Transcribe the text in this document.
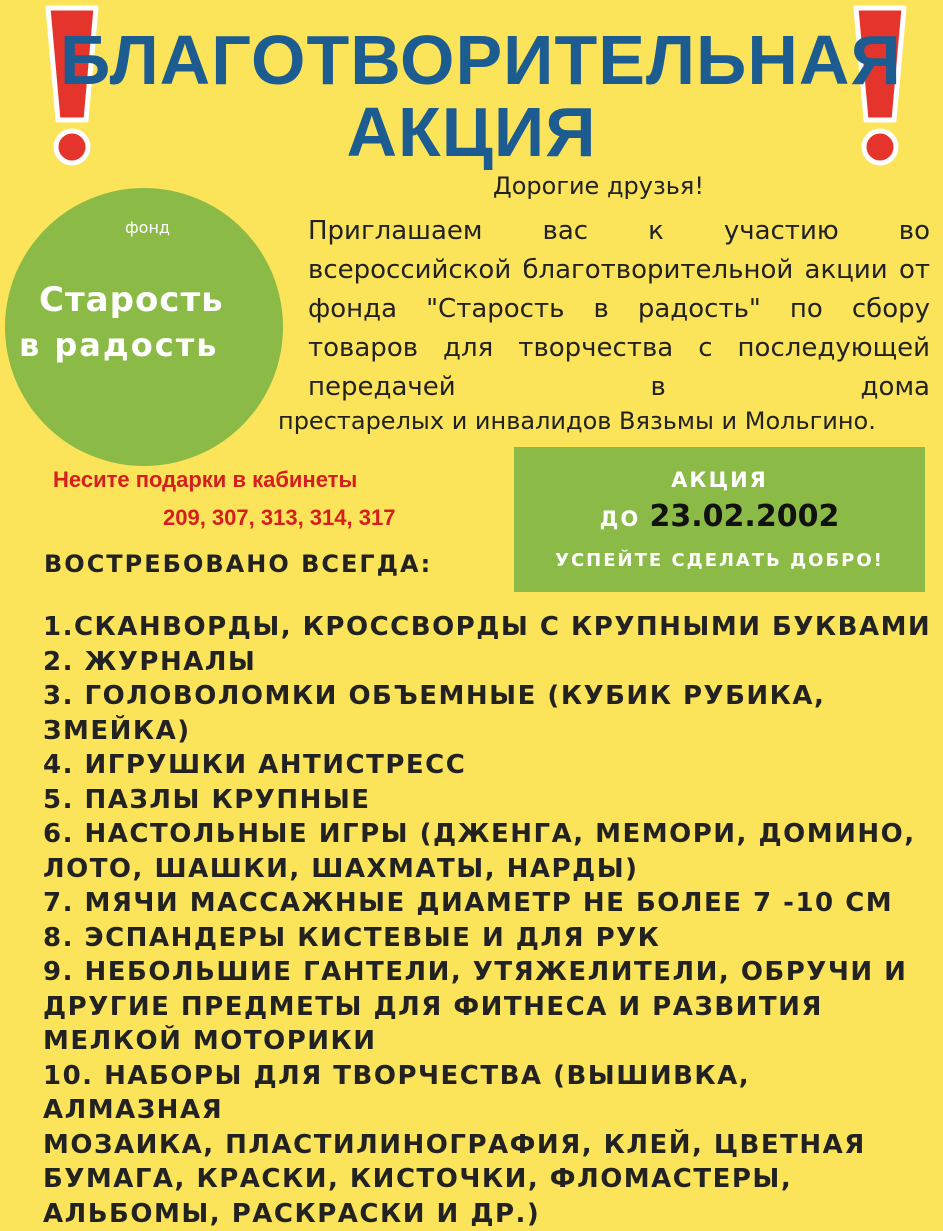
БЛАГОТВОРИТЕЛЬНАЯ
АКЦИЯ
фонд
Старость
в радость
Дорогие друзья!
Приглашаем вас к участию во всероссийской благотворительной акции от фонда "Старость в радость" по сбору товаров для творчества с последующей передачей в дома
престарелых и инвалидов Вязьмы и Мольгино.
Несите подарки в кабинеты
209, 307, 313, 314, 317
АКЦИЯ
ДО 23.02.2002
УСПЕЙТЕ СДЕЛАТЬ ДОБРО!
ВОСТРЕБОВАНО ВСЕГДА:
1.СКАНВОРДЫ, КРОССВОРДЫ С КРУПНЫМИ БУКВАМИ
2. ЖУРНАЛЫ
3. ГОЛОВОЛОМКИ ОБЪЕМНЫЕ (КУБИК РУБИКА,
ЗМЕЙКА)
4. ИГРУШКИ АНТИСТРЕСС
5. ПАЗЛЫ КРУПНЫЕ
6. НАСТОЛЬНЫЕ ИГРЫ (ДЖЕНГА, МЕМОРИ, ДОМИНО,
ЛОТО, ШАШКИ, ШАХМАТЫ, НАРДЫ)
7. МЯЧИ МАССАЖНЫЕ ДИАМЕТР НЕ БОЛЕЕ 7 -10 СМ
8. ЭСПАНДЕРЫ КИСТЕВЫЕ И ДЛЯ РУК
9. НЕБОЛЬШИЕ ГАНТЕЛИ, УТЯЖЕЛИТЕЛИ, ОБРУЧИ И
ДРУГИЕ ПРЕДМЕТЫ ДЛЯ ФИТНЕСА И РАЗВИТИЯ
МЕЛКОЙ МОТОРИКИ
10. НАБОРЫ ДЛЯ ТВОРЧЕСТВА (ВЫШИВКА, АЛМАЗНАЯ
МОЗАИКА, ПЛАСТИЛИНОГРАФИЯ, КЛЕЙ, ЦВЕТНАЯ
БУМАГА, КРАСКИ, КИСТОЧКИ, ФЛОМАСТЕРЫ,
АЛЬБОМЫ, РАСКРАСКИ И ДР.)
